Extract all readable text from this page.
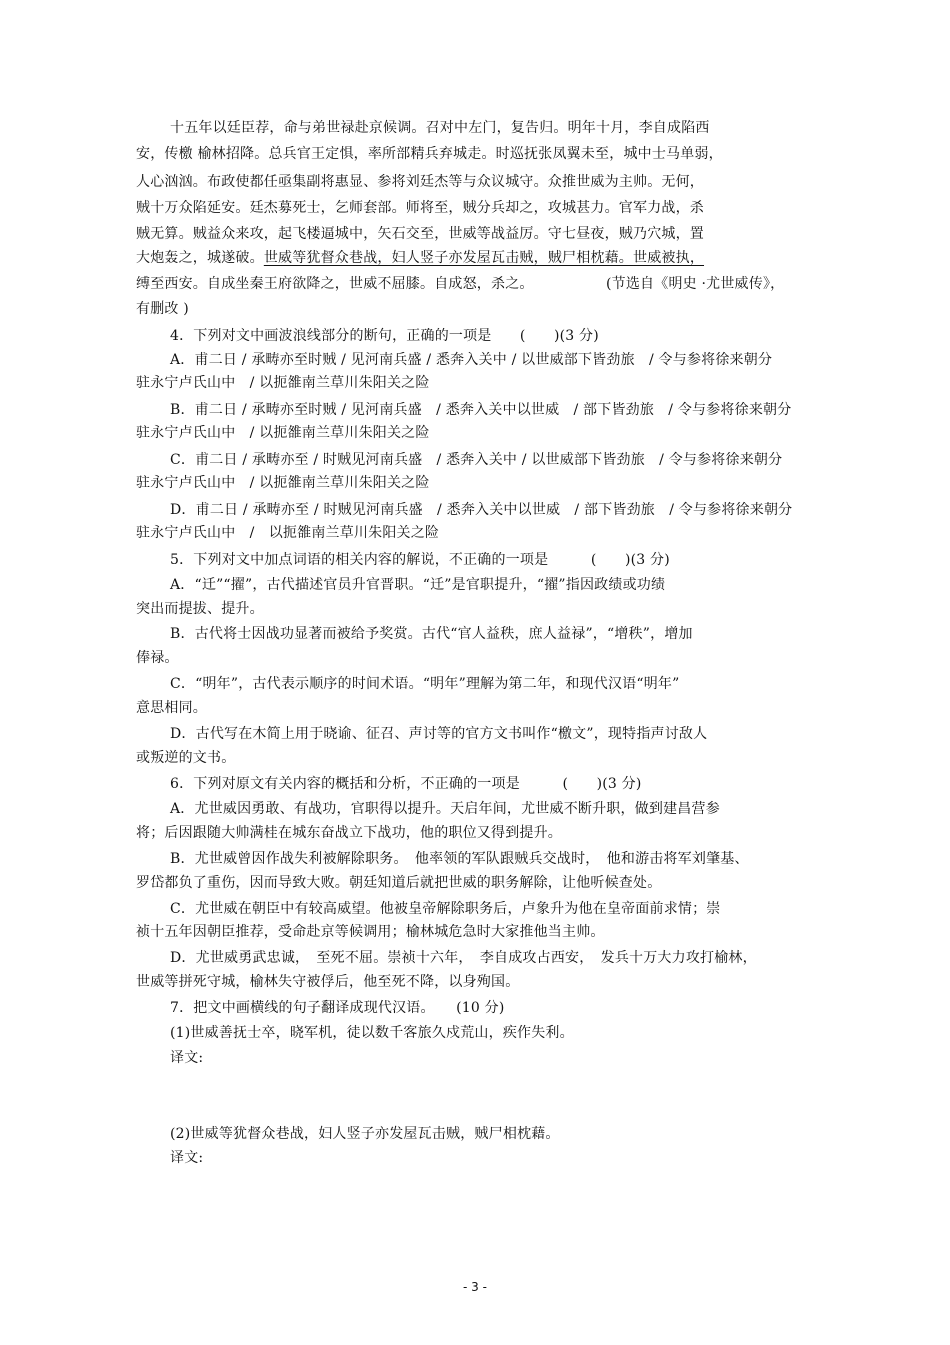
十五年以廷臣荐，命与弟世禄赴京候调。召对中左门，复告归。明年十月，李自成陷西
安，传檄 榆林招降。总兵官王定惧，率所部精兵弃城走。时巡抚张凤翼未至，城中士马单弱，
人心汹汹。布政使都任亟集副将惠显、参将刘廷杰等与众议城守。众推世威为主帅。无何，
贼十万众陷延安。廷杰募死士，乞师套部。师将至，贼分兵却之，攻城甚力。官军力战，杀
贼无算。贼益众来攻，起飞楼逼城中，矢石交至，世威等战益厉。守七昼夜，贼乃穴城，置
大炮轰之，城遂破。世威等犹督众巷战，妇人竖子亦发屋瓦击贼，贼尸相枕藉。世威被执，
缚至西安。自成坐秦王府欲降之，世威不屈膝。自成怒，杀之。	(节选自《明史 ·尤世威传》，
有删改 )
4．下列对文中画波浪线部分的断句，正确的一项是　　(　　)(3 分)
A．甫二日 / 承畴亦至时贼 / 见河南兵盛 / 悉奔入关中 / 以世威部下皆劲旅　/ 令与参将徐来朝分
驻永宁卢氏山中　/ 以扼雒南兰草川朱阳关之险
B．甫二日 / 承畴亦至时贼 / 见河南兵盛　/ 悉奔入关中以世威　/ 部下皆劲旅　/ 令与参将徐来朝分
驻永宁卢氏山中　/ 以扼雒南兰草川朱阳关之险
C．甫二日 / 承畴亦至 / 时贼见河南兵盛　/ 悉奔入关中 / 以世威部下皆劲旅　/ 令与参将徐来朝分
驻永宁卢氏山中　/ 以扼雒南兰草川朱阳关之险
D．甫二日 / 承畴亦至 / 时贼见河南兵盛　/ 悉奔入关中以世威　/ 部下皆劲旅　/ 令与参将徐来朝分
驻永宁卢氏山中　/　以扼雒南兰草川朱阳关之险
5．下列对文中加点词语的相关内容的解说，不正确的一项是　　　(　　)(3 分)
A．“迁”“擢”，古代描述官员升官晋职。“迁”是官职提升，“擢”指因政绩或功绩
突出而提拔、提升。
B．古代将士因战功显著而被给予奖赏。古代“官人益秩，庶人益禄”，“增秩”，增加
俸禄。
C．“明年”，古代表示顺序的时间术语。“明年”理解为第二年，和现代汉语“明年”
意思相同。
D．古代写在木简上用于晓谕、征召、声讨等的官方文书叫作“檄文”，现特指声讨敌人
或叛逆的文书。
6．下列对原文有关内容的概括和分析，不正确的一项是　　　(　　)(3 分)
A．尤世威因勇敢、有战功，官职得以提升。天启年间，尤世威不断升职，做到建昌营参
将；后因跟随大帅满桂在城东奋战立下战功，他的职位又得到提升。
B．尤世威曾因作战失利被解除职务。　他率领的军队跟贼兵交战时，　他和游击将军刘肇基、
罗岱都负了重伤，因而导致大败。朝廷知道后就把世威的职务解除，让他听候查处。
C．尤世威在朝臣中有较高威望。他被皇帝解除职务后，卢象升为他在皇帝面前求情；崇
祯十五年因朝臣推荐，受命赴京等候调用；榆林城危急时大家推他当主帅。
D．尤世威勇武忠诚，　至死不屈。崇祯十六年，　李自成攻占西安，　发兵十万大力攻打榆林，
世威等拼死守城，榆林失守被俘后，他至死不降，以身殉国。
7．把文中画横线的句子翻译成现代汉语。　　(10 分)
(1)世威善抚士卒，晓军机，徒以数千客旅久戍荒山，疾作失利。
译文:
(2)世威等犹督众巷战，妇人竖子亦发屋瓦击贼，贼尸相枕藉。
译文:
- 3 -
